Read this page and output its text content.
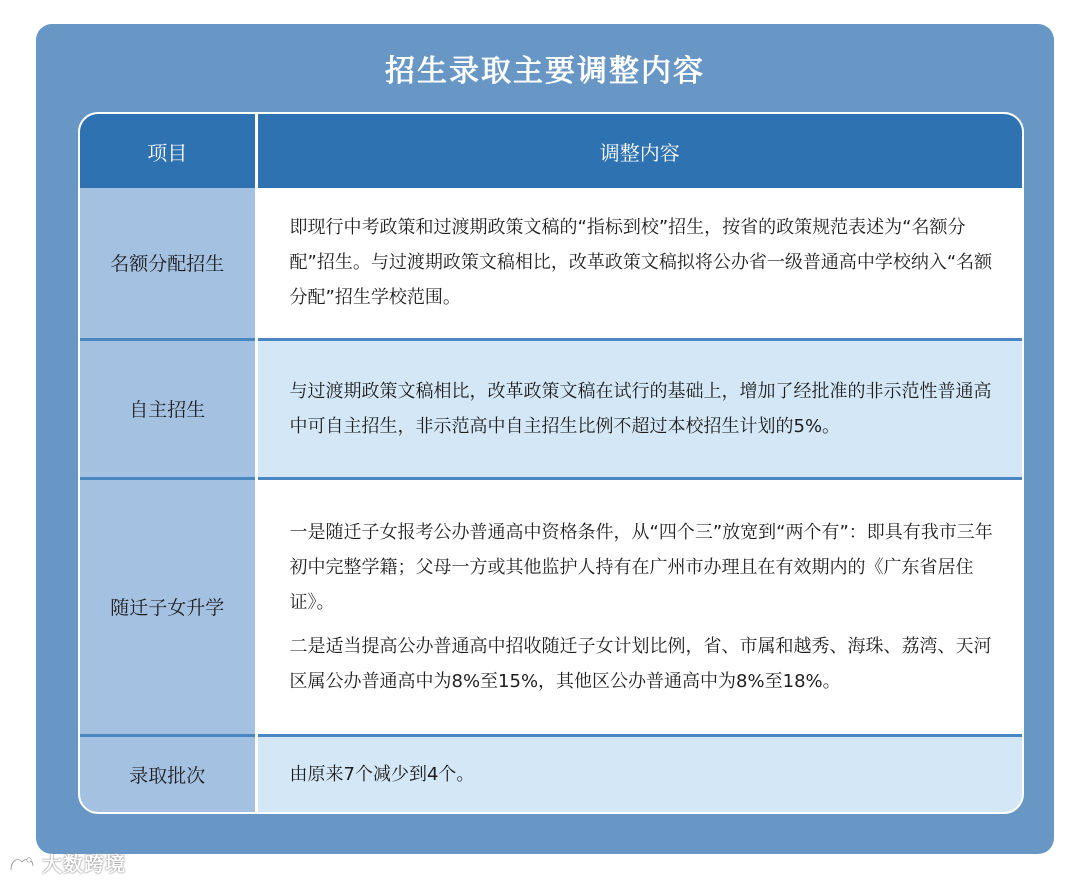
招生录取主要调整内容
项目	调整内容
名额分配招生	即现行中考政策和过渡期政策文稿的“指标到校”招生，按省的政策规范表述为“名额分配”招生。与过渡期政策文稿相比，改革政策文稿拟将公办省一级普通高中学校纳入“名额分配”招生学校范围。

自主招生	与过渡期政策文稿相比，改革政策文稿在试行的基础上，增加了经批准的非示范性普通高中可自主招生，非示范高中自主招生比例不超过本校招生计划的5%。

随迁子女升学	一是随迁子女报考公办普通高中资格条件，从“四个三”放宽到“两个有”：即具有我市三年初中完整学籍；父母一方或其他监护人持有在广州市办理且在有效期内的《广东省居住证》。

二是适当提高公办普通高中招收随迁子女计划比例，省、市属和越秀、海珠、荔湾、天河区属公办普通高中为8%至15%，其他区公办普通高中为8%至18%。

录取批次	由原来7个减少到4个。

大数跨境
